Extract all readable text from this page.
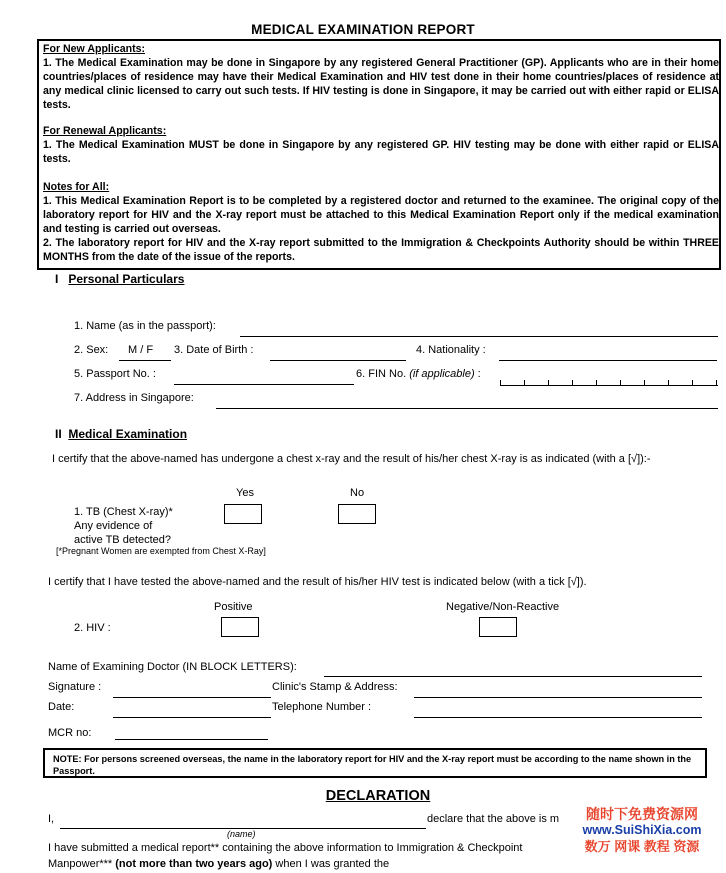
MEDICAL EXAMINATION REPORT
For New Applicants:
1. The Medical Examination may be done in Singapore by any registered General Practitioner (GP). Applicants who are in their home countries/places of residence may have their Medical Examination and HIV test done in their home countries/places of residence at any medical clinic licensed to carry out such tests. If HIV testing is done in Singapore, it may be carried out with either rapid or ELISA tests.
For Renewal Applicants:
1. The Medical Examination MUST be done in Singapore by any registered GP. HIV testing may be done with either rapid or ELISA tests.
Notes for All:
1. This Medical Examination Report is to be completed by a registered doctor and returned to the examinee. The original copy of the laboratory report for HIV and the X-ray report must be attached to this Medical Examination Report only if the medical examination and testing is carried out overseas.
2. The laboratory report for HIV and the X-ray report submitted to the Immigration & Checkpoints Authority should be within THREE MONTHS from the date of the issue of the reports.
I Personal Particulars
1. Name (as in the passport):
2. Sex: M / F 3. Date of Birth :	4. Nationality :
5. Passport No. :	6. FIN No. (if applicable) :
7. Address in Singapore:
II Medical Examination
I certify that the above-named has undergone a chest x-ray and the result of his/her chest X-ray is as indicated (with a [√]):-
Yes	No
1. TB (Chest X-ray)*
Any evidence of
active TB detected?
[*Pregnant Women are exempted from Chest X-Ray]
I certify that I have tested the above-named and the result of his/her HIV test is indicated below (with a tick [√]).
Positive	Negative/Non-Reactive
2. HIV :
Name of Examining Doctor (IN BLOCK LETTERS):
Signature :	Clinic's Stamp & Address:
Date:	Telephone Number :
MCR no:
NOTE: For persons screened overseas, the name in the laboratory report for HIV and the X-ray report must be according to the name shown in the Passport.
DECLARATION
I,	declare that the above is m
(name)
I have submitted a medical report** containing the above information to Immigration & Checkpoint
Manpower*** (not more than two years ago) when I was granted the
随时下免费资源网
www.SuiShiXia.com
数万 网课 教程 资源
